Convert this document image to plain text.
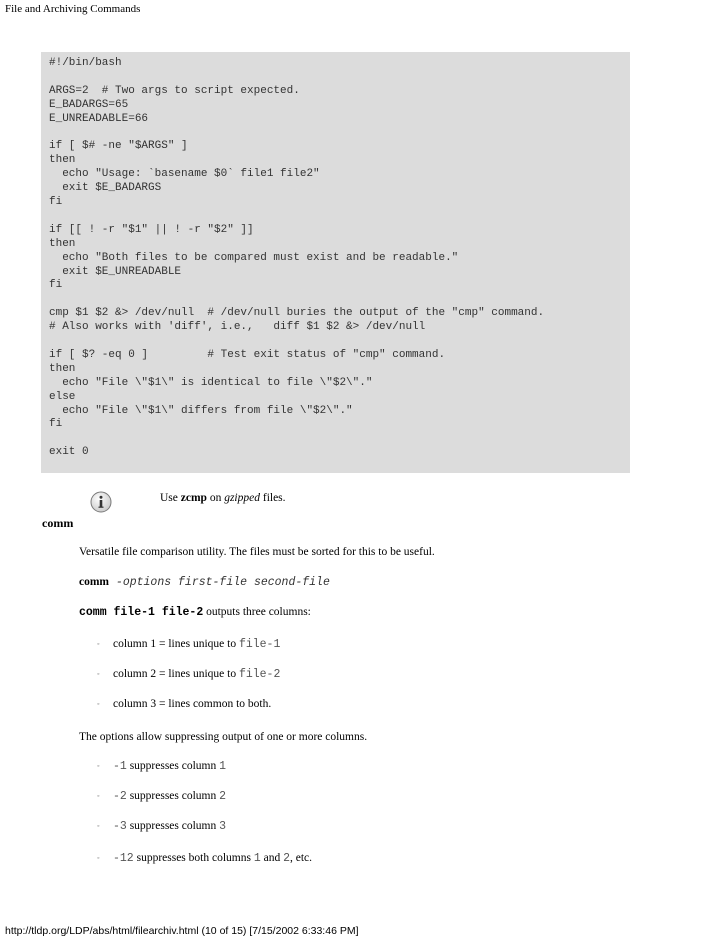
File and Archiving Commands
#!/bin/bash
ARGS=2  # Two args to script expected.
E_BADARGS=65
E_UNREADABLE=66
if [ $# -ne "$ARGS" ]
then
echo "Usage: `basename $0` file1 file2"
exit $E_BADARGS
fi
if [[ ! -r "$1" || ! -r "$2" ]]
then
echo "Both files to be compared must exist and be readable."
exit $E_UNREADABLE
fi
cmp $1 $2 &> /dev/null  # /dev/null buries the output of the "cmp" command.
# Also works with 'diff', i.e.,   diff $1 $2 &> /dev/null
if [ $? -eq 0 ]         # Test exit status of "cmp" command.
then
echo "File \"$1\" is identical to file \"$2\"."
else
echo "File \"$1\" differs from file \"$2\"."
fi
exit 0
Use zcmp on gzipped files.
comm
Versatile file comparison utility. The files must be sorted for this to be useful.
comm -options first-file second-file
comm file-1 file-2 outputs three columns:
◦ column 1 = lines unique to file-1
◦ column 2 = lines unique to file-2
◦ column 3 = lines common to both.
The options allow suppressing output of one or more columns.
◦ -1 suppresses column 1
◦ -2 suppresses column 2
◦ -3 suppresses column 3
◦ -12 suppresses both columns 1 and 2, etc.
http://tldp.org/LDP/abs/html/filearchiv.html (10 of 15) [7/15/2002 6:33:46 PM]
